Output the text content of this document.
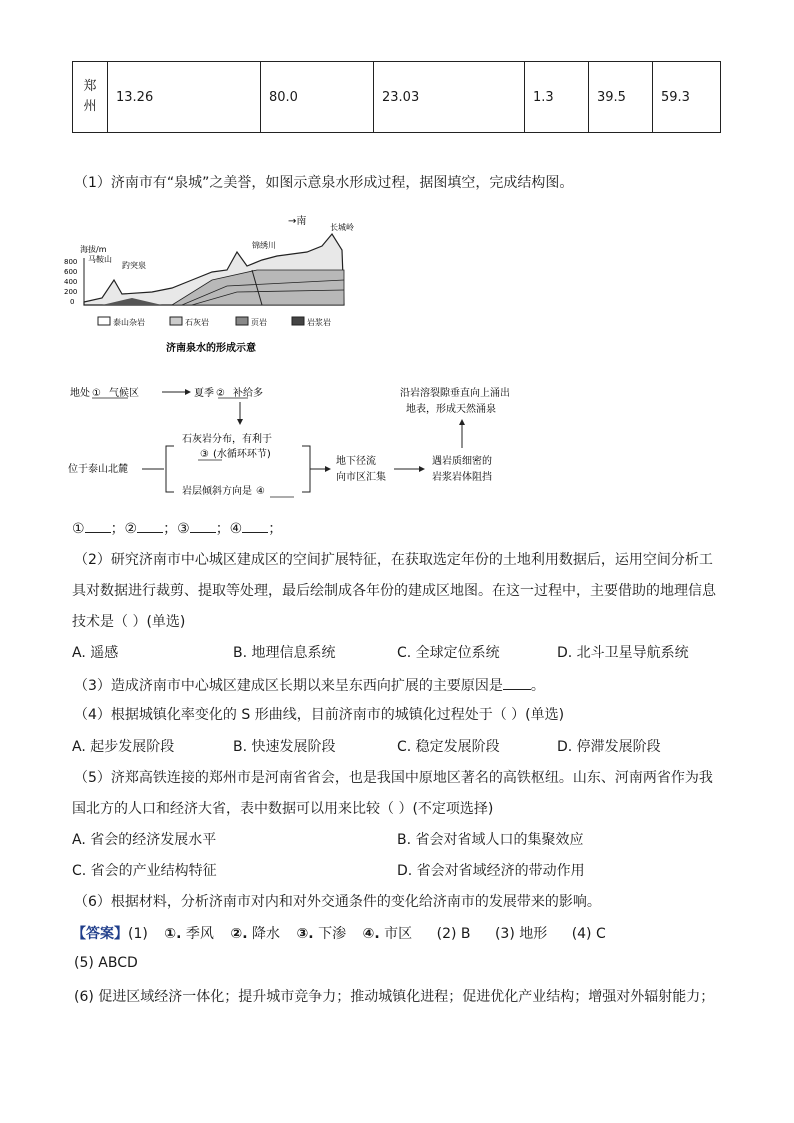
郑
州	13.26	80.0	23.03	1.3	39.5	59.3
（1）济南市有“泉城”之美誉，如图示意泉水形成过程，据图填空，完成结构图。
→南
海拔/m
800
600
400
200
0
马鞍山
趵突泉
锦绣川
长城岭
泰山杂岩	石灰岩	页岩	岩浆岩
济南泉水的形成示意
地处 ① 气候区	夏季 ② 补给多	沿岩溶裂隙垂直向上涌出
地表，形成天然涌泉
石灰岩分布，有利于
③ (水循环环节)
位于泰山北麓
岩层倾斜方向是 ④
地下径流
向市区汇集
遇岩质细密的
岩浆岩体阻挡
① ；② ；③ ；④ ；
（2）研究济南市中心城区建成区的空间扩展特征，在获取选定年份的土地利用数据后，运用空间分析工
具对数据进行裁剪、提取等处理，最后绘制成各年份的建成区地图。在这一过程中，主要借助的地理信息
技术是（ ）(单选)
A. 遥感	B. 地理信息系统	C. 全球定位系统	D. 北斗卫星导航系统
（3）造成济南市中心城区建成区长期以来呈东西向扩展的主要原因是 。
（4）根据城镇化率变化的 S 形曲线，目前济南市的城镇化过程处于（ ）(单选)
A. 起步发展阶段	B. 快速发展阶段	C. 稳定发展阶段	D. 停滞发展阶段
（5）济郑高铁连接的郑州市是河南省省会，也是我国中原地区著名的高铁枢纽。山东、河南两省作为我
国北方的人口和经济大省，表中数据可以用来比较（ ）(不定项选择)
A. 省会的经济发展水平	B. 省会对省域人口的集聚效应
C. 省会的产业结构特征	D. 省会对省域经济的带动作用
（6）根据材料，分析济南市对内和对外交通条件的变化给济南市的发展带来的影响。
【答案】(1) ①. 季风 ②. 降水 ③. 下渗 ④. 市区 (2) B (3) 地形 (4) C
(5) ABCD
(6) 促进区域经济一体化；提升城市竞争力；推动城镇化进程；促进优化产业结构；增强对外辐射能力；
